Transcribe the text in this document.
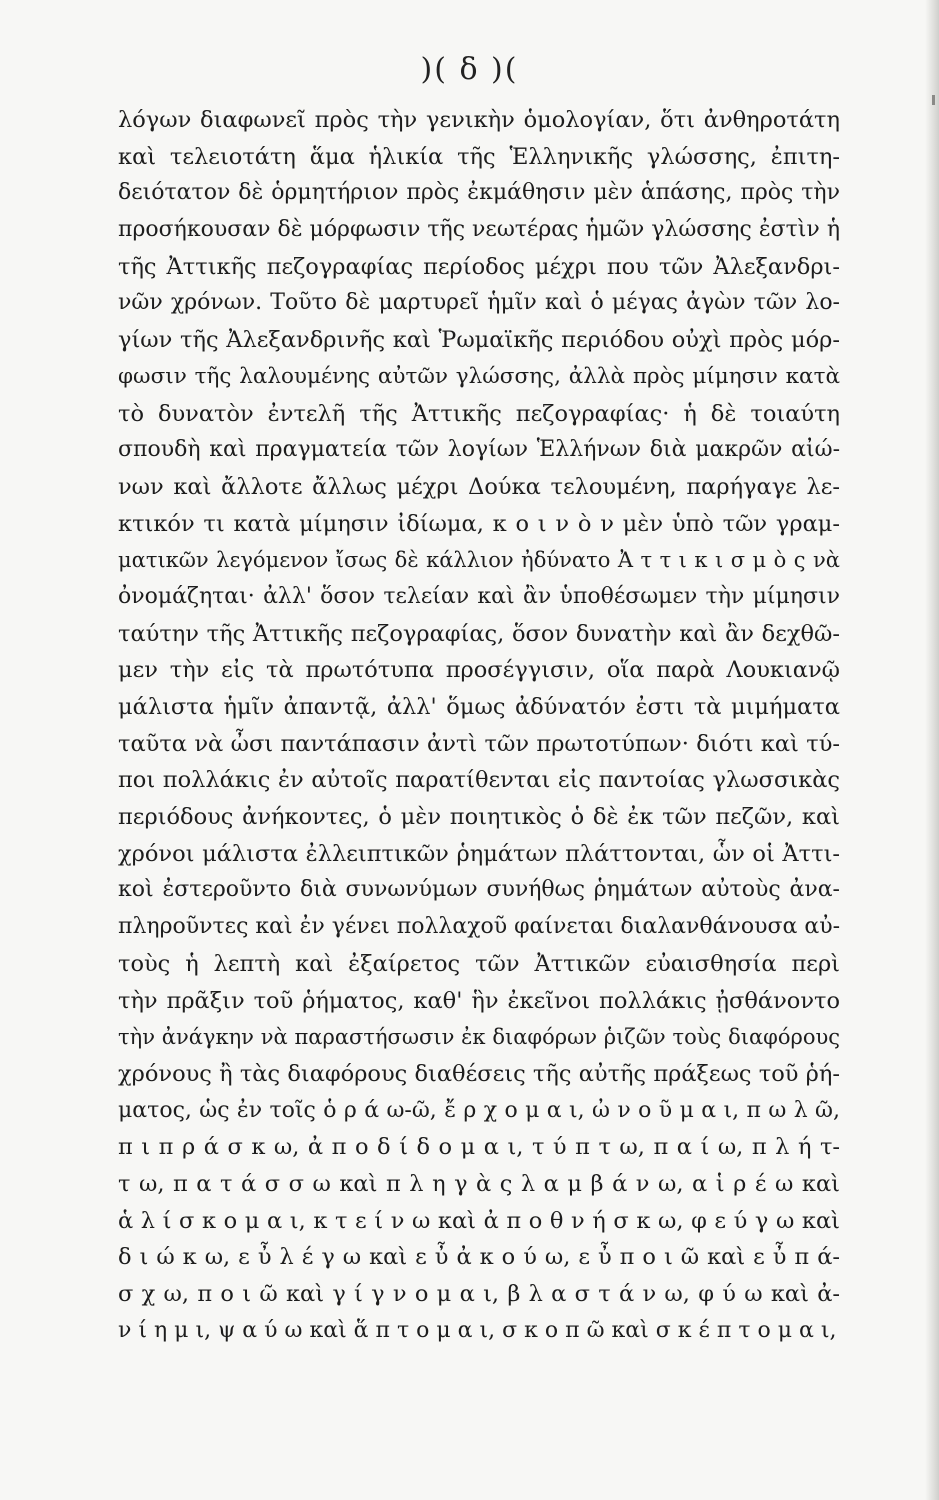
)( δ )(
λόγων διαφωνεῖ πρὸς τὴν γενικὴν ὁμολογίαν, ὅτι ἀνθηροτάτη
καὶ τελειοτάτη ἅμα ἡλικία τῆς Ἑλληνικῆς γλώσσης, ἐπιτη-
δειότατον δὲ ὁρμητήριον πρὸς ἐκμάθησιν μὲν ἁπάσης, πρὸς τὴν
προσήκουσαν δὲ μόρφωσιν τῆς νεωτέρας ἡμῶν γλώσσης ἐστὶν ἡ
τῆς Ἀττικῆς πεζογραφίας περίοδος μέχρι που τῶν Ἀλεξανδρι-
νῶν χρόνων. Τοῦτο δὲ μαρτυρεῖ ἡμῖν καὶ ὁ μέγας ἀγὼν τῶν λο-
γίων τῆς Ἀλεξανδρινῆς καὶ Ῥωμαϊκῆς περιόδου οὐχὶ πρὸς μόρ-
φωσιν τῆς λαλουμένης αὐτῶν γλώσσης, ἀλλὰ πρὸς μίμησιν κατὰ
τὸ δυνατὸν ἐντελῆ τῆς Ἀττικῆς πεζογραφίας· ἡ δὲ τοιαύτη
σπουδὴ καὶ πραγματεία τῶν λογίων Ἑλλήνων διὰ μακρῶν αἰώ-
νων καὶ ἄλλοτε ἄλλως μέχρι Δούκα τελουμένη, παρήγαγε λε-
κτικόν τι κατὰ μίμησιν ἰδίωμα, κ ο ι ν ὸ ν μὲν ὑπὸ τῶν γραμ-
ματικῶν λεγόμενον ἴσως δὲ κάλλιον ἠδύνατο Ἀ τ τ ι κ ι σ μ ὸ ς νὰ
ὀνομάζηται· ἀλλ' ὅσον τελείαν καὶ ἂν ὑποθέσωμεν τὴν μίμησιν
ταύτην τῆς Ἀττικῆς πεζογραφίας, ὅσον δυνατὴν καὶ ἂν δεχθῶ-
μεν τὴν εἰς τὰ πρωτότυπα προσέγγισιν, οἵα παρὰ Λουκιανῷ
μάλιστα ἡμῖν ἀπαντᾷ, ἀλλ' ὅμως ἀδύνατόν ἐστι τὰ μιμήματα
ταῦτα νὰ ὦσι παντάπασιν ἀντὶ τῶν πρωτοτύπων· διότι καὶ τύ-
ποι πολλάκις ἐν αὐτοῖς παρατίθενται εἰς παντοίας γλωσσικὰς
περιόδους ἀνήκοντες, ὁ μὲν ποιητικὸς ὁ δὲ ἐκ τῶν πεζῶν, καὶ
χρόνοι μάλιστα ἐλλειπτικῶν ῥημάτων πλάττονται, ὧν οἱ Ἀττι-
κοὶ ἐστεροῦντο διὰ συνωνύμων συνήθως ῥημάτων αὐτοὺς ἀνα-
πληροῦντες καὶ ἐν γένει πολλαχοῦ φαίνεται διαλανθάνουσα αὐ-
τοὺς ἡ λεπτὴ καὶ ἐξαίρετος τῶν Ἀττικῶν εὐαισθησία περὶ
τὴν πρᾶξιν τοῦ ῥήματος, καθ' ἣν ἐκεῖνοι πολλάκις ᾐσθάνοντο
τὴν ἀνάγκην νὰ παραστήσωσιν ἐκ διαφόρων ῥιζῶν τοὺς διαφόρους
χρόνους ἢ τὰς διαφόρους διαθέσεις τῆς αὐτῆς πράξεως τοῦ ῥή-
ματος, ὡς ἐν τοῖς ὁ ρ ά ω-ῶ, ἔ ρ χ ο μ α ι, ὠ ν ο ῦ μ α ι, π ω λ ῶ,
π ι π ρ ά σ κ ω, ἀ π ο δ ί δ ο μ α ι, τ ύ π τ ω, π α ί ω, π λ ή τ-
τ ω, π α τ ά σ σ ω καὶ π λ η γ ὰ ς λ α μ β ά ν ω, α ἱ ρ έ ω καὶ
ἁ λ ί σ κ ο μ α ι, κ τ ε ί ν ω καὶ ἀ π ο θ ν ή σ κ ω, φ ε ύ γ ω καὶ
δ ι ώ κ ω, ε ὖ λ έ γ ω καὶ ε ὖ ἀ κ ο ύ ω, ε ὖ π ο ι ῶ καὶ ε ὖ π ά-
σ χ ω, π ο ι ῶ καὶ γ ί γ ν ο μ α ι, β λ α σ τ ά ν ω, φ ύ ω καὶ ἀ-
ν ί η μ ι, ψ α ύ ω καὶ ἅ π τ ο μ α ι, σ κ ο π ῶ καὶ σ κ έ π τ ο μ α ι,
